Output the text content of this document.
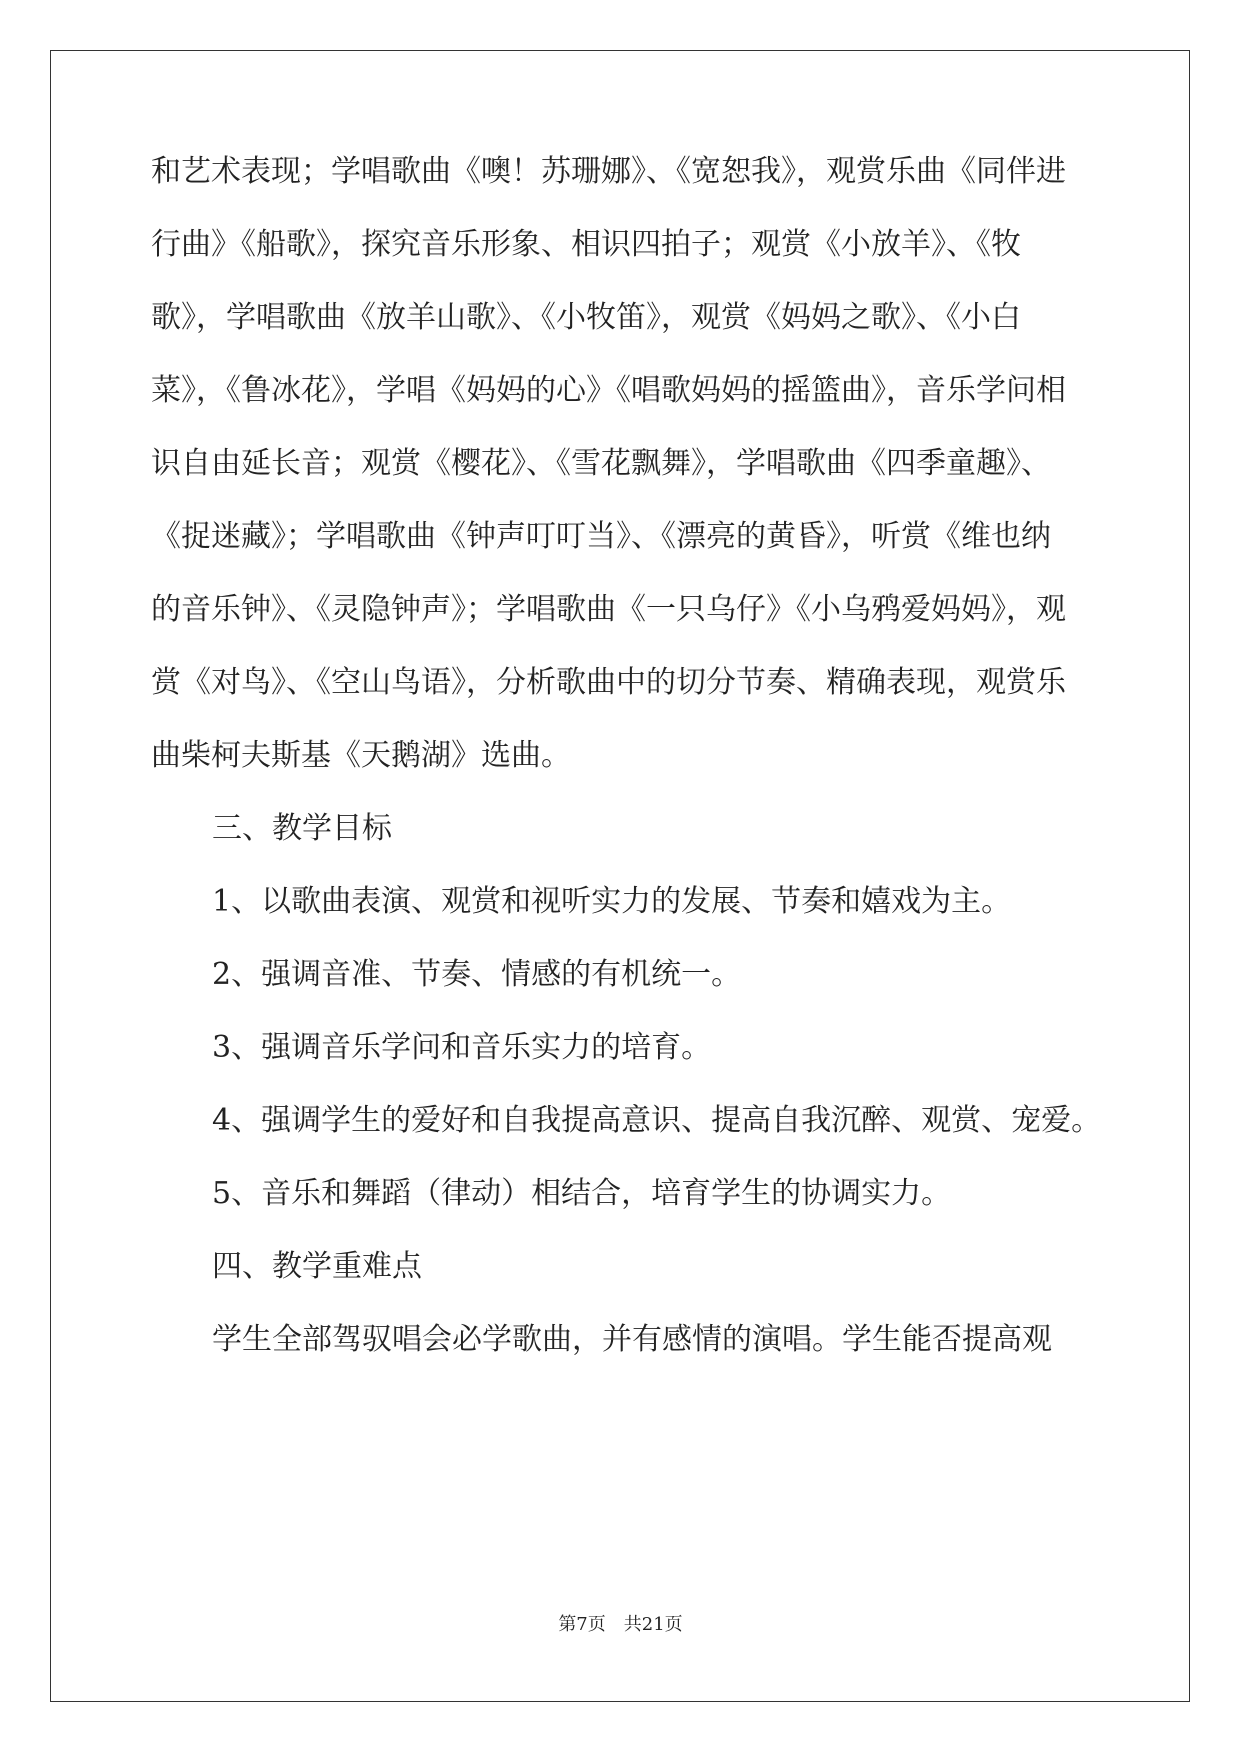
和艺术表现；学唱歌曲《噢！苏珊娜》、《宽恕我》，观赏乐曲《同伴进
行曲》《船歌》，探究音乐形象、相识四拍子；观赏《小放羊》、《牧
歌》，学唱歌曲《放羊山歌》、《小牧笛》，观赏《妈妈之歌》、《小白
菜》，《鲁冰花》，学唱《妈妈的心》《唱歌妈妈的摇篮曲》，音乐学问相
识自由延长音；观赏《樱花》、《雪花飘舞》，学唱歌曲《四季童趣》、
《捉迷藏》；学唱歌曲《钟声叮叮当》、《漂亮的黄昏》，听赏《维也纳
的音乐钟》、《灵隐钟声》；学唱歌曲《一只乌仔》《小乌鸦爱妈妈》，观
赏《对鸟》、《空山鸟语》，分析歌曲中的切分节奏、精确表现，观赏乐
曲柴柯夫斯基《天鹅湖》选曲。
三、教学目标
1、以歌曲表演、观赏和视听实力的发展、节奏和嬉戏为主。
2、强调音准、节奏、情感的有机统一。
3、强调音乐学问和音乐实力的培育。
4、强调学生的爱好和自我提高意识、提高自我沉醉、观赏、宠爱。
5、音乐和舞蹈（律动）相结合，培育学生的协调实力。
四、教学重难点
学生全部驾驭唱会必学歌曲，并有感情的演唱。学生能否提高观
第7页　共21页
